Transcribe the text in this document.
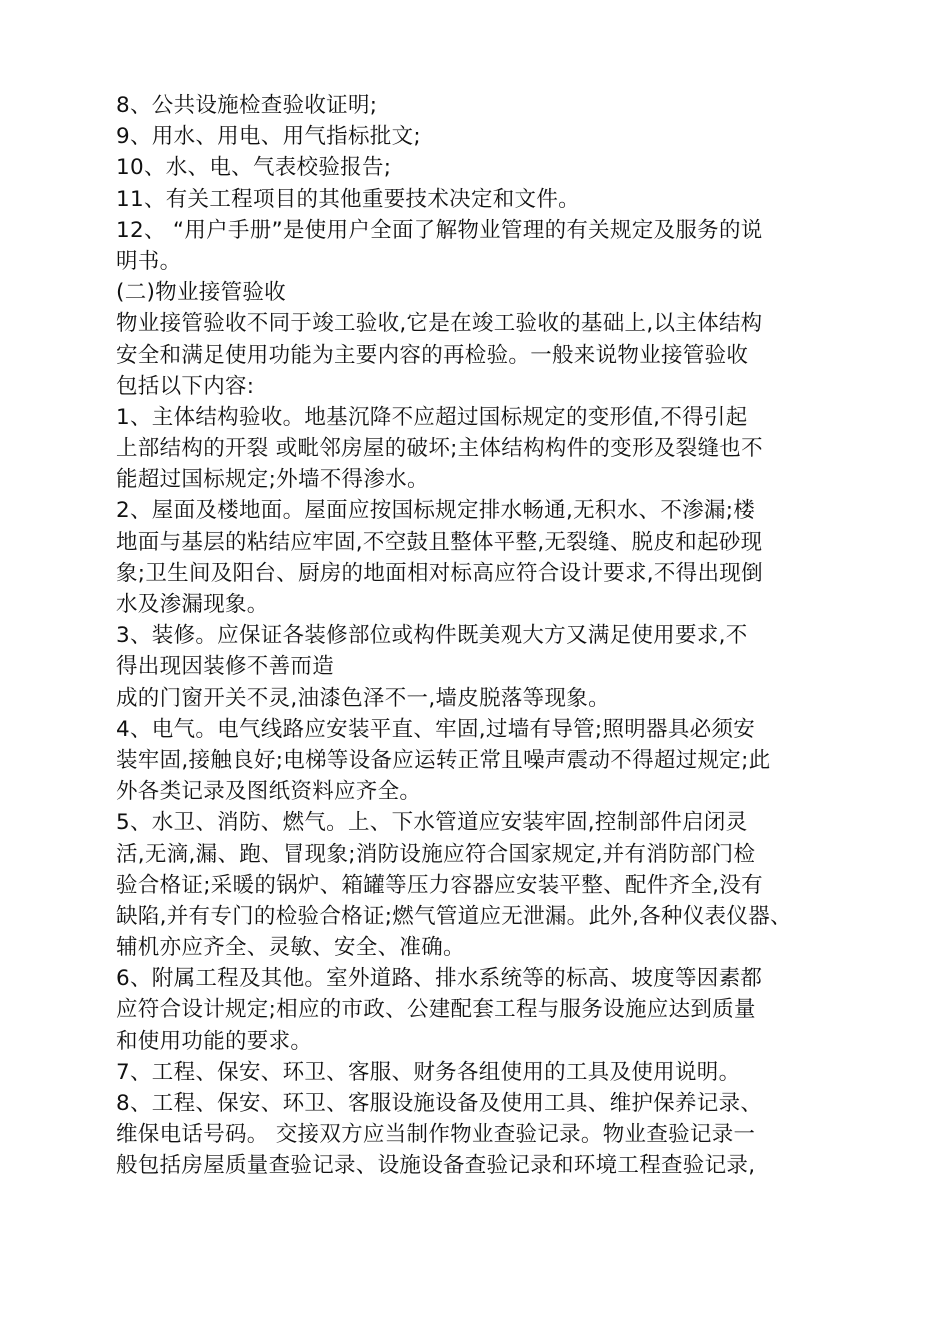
8、公共设施检查验收证明;
9、用水、用电、用气指标批文;
10、水、电、气表校验报告;
11、有关工程项目的其他重要技术决定和文件。
12、 “用户手册”是使用户全面了解物业管理的有关规定及服务的说
明书。
(二)物业接管验收
物业接管验收不同于竣工验收,它是在竣工验收的基础上,以主体结构
安全和满足使用功能为主要内容的再检验。一般来说物业接管验收
包括以下内容:
1、主体结构验收。地基沉降不应超过国标规定的变形值,不得引起
上部结构的开裂 或毗邻房屋的破坏;主体结构构件的变形及裂缝也不
能超过国标规定;外墙不得渗水。
2、屋面及楼地面。屋面应按国标规定排水畅通,无积水、不渗漏;楼
地面与基层的粘结应牢固,不空鼓且整体平整,无裂缝、脱皮和起砂现
象;卫生间及阳台、厨房的地面相对标高应符合设计要求,不得出现倒
水及渗漏现象。
3、装修。应保证各装修部位或构件既美观大方又满足使用要求,不
得出现因装修不善而造
成的门窗开关不灵,油漆色泽不一,墙皮脱落等现象。
4、电气。电气线路应安装平直、牢固,过墙有导管;照明器具必须安
装牢固,接触良好;电梯等设备应运转正常且噪声震动不得超过规定;此
外各类记录及图纸资料应齐全。
5、水卫、消防、燃气。上、下水管道应安装牢固,控制部件启闭灵
活,无滴,漏、跑、冒现象;消防设施应符合国家规定,并有消防部门检
验合格证;采暖的锅炉、箱罐等压力容器应安装平整、配件齐全,没有
缺陷,并有专门的检验合格证;燃气管道应无泄漏。此外,各种仪表仪器、
辅机亦应齐全、灵敏、安全、准确。
6、附属工程及其他。室外道路、排水系统等的标高、坡度等因素都
应符合设计规定;相应的市政、公建配套工程与服务设施应达到质量
和使用功能的要求。
7、工程、保安、环卫、客服、财务各组使用的工具及使用说明。
8、工程、保安、环卫、客服设施设备及使用工具、维护保养记录、
维保电话号码。 交接双方应当制作物业查验记录。物业查验记录一
般包括房屋质量查验记录、设施设备查验记录和环境工程查验记录,
